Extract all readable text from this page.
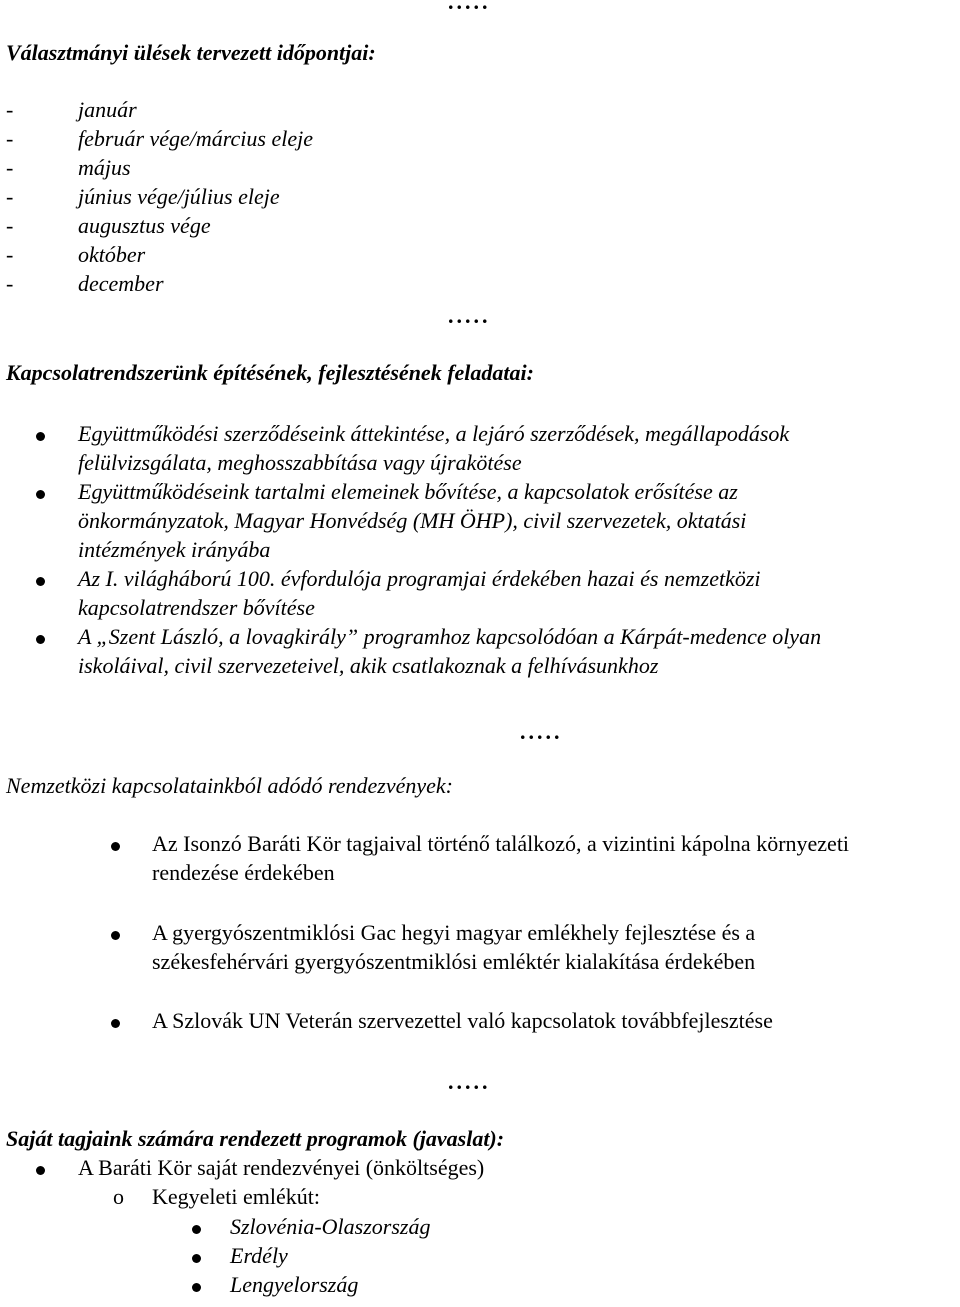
.....
Választmányi ülések tervezett időpontjai:
-	január
-	február vége/március eleje
-	május
-	június vége/július eleje
-	augusztus vége
-	október
-	december
.....
Kapcsolatrendszerünk építésének, fejlesztésének feladatai:
Együttműködési szerződéseink áttekintése, a lejáró szerződések, megállapodások
felülvizsgálata, meghosszabbítása vagy újrakötése
Együttműködéseink tartalmi elemeinek bővítése, a kapcsolatok erősítése az
önkormányzatok, Magyar Honvédség (MH ÖHP), civil szervezetek, oktatási
intézmények irányába
Az I. világháború 100. évfordulója programjai érdekében hazai és nemzetközi
kapcsolatrendszer bővítése
A „Szent László, a lovagkirály” programhoz kapcsolódóan a Kárpát-medence olyan
iskoláival, civil szervezeteivel, akik csatlakoznak a felhívásunkhoz
.....
Nemzetközi kapcsolatainkból adódó rendezvények:
Az Isonzó Baráti Kör tagjaival történő találkozó, a vizintini kápolna környezeti
rendezése érdekében
A gyergyószentmiklósi Gac hegyi magyar emlékhely fejlesztése és a
székesfehérvári gyergyószentmiklósi emléktér kialakítása érdekében
A Szlovák UN Veterán szervezettel való kapcsolatok továbbfejlesztése
.....
Saját tagjaink számára rendezett programok (javaslat):
A Baráti Kör saját rendezvényei (önköltséges)
o Kegyeleti emlékút:
Szlovénia-Olaszország
Erdély
Lengyelország
